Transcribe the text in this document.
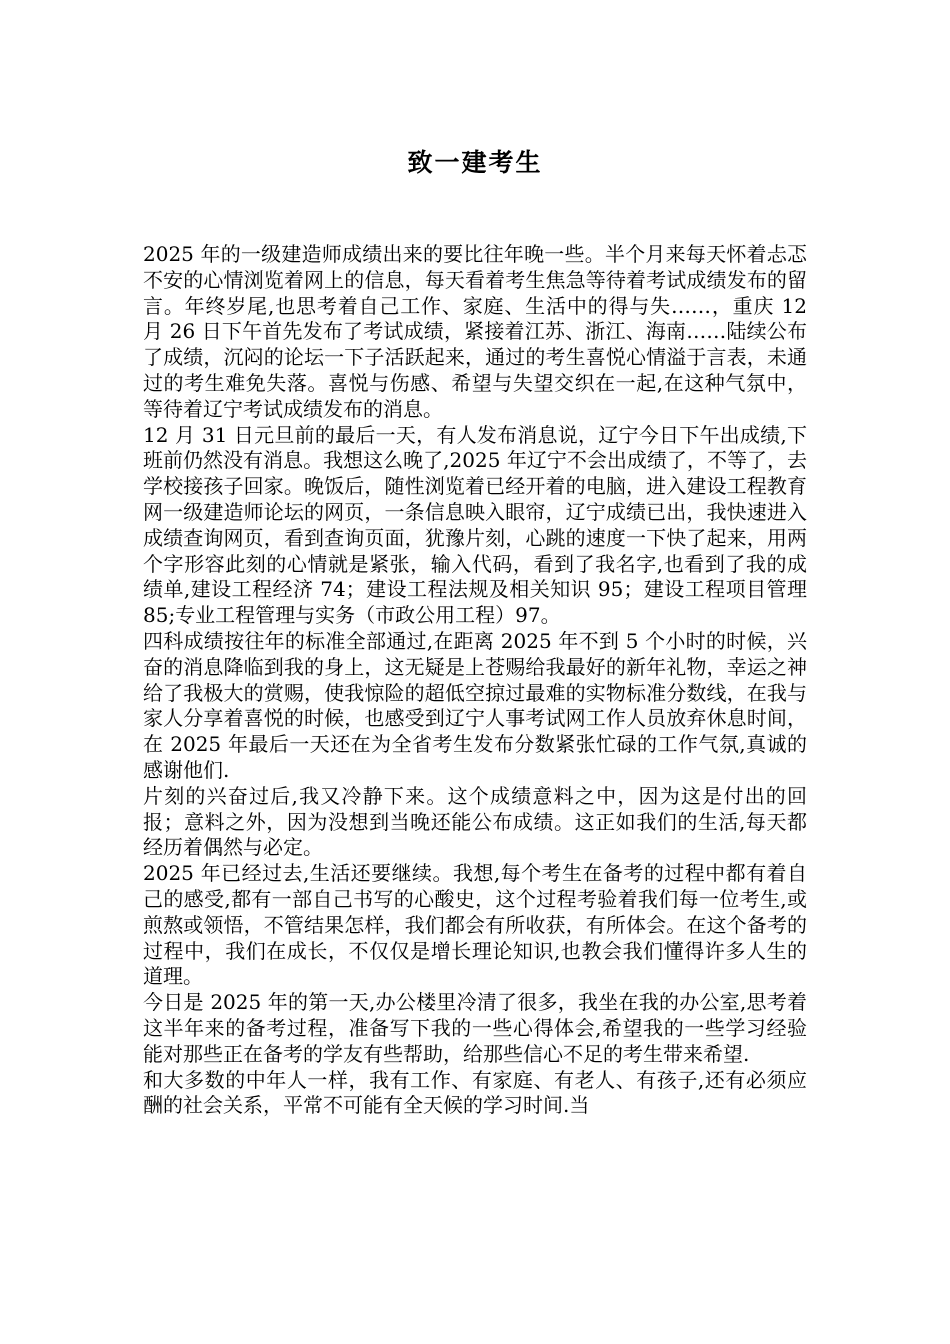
致一建考生

2025 年的一级建造师成绩出来的要比往年晚一些。半个月来每天怀着忐忑不安的心情浏览着网上的信息，每天看着考生焦急等待着考试成绩发布的留言。年终岁尾,也思考着自己工作、家庭、生活中的得与失……，重庆 12 月 26 日下午首先发布了考试成绩，紧接着江苏、浙江、海南……陆续公布了成绩，沉闷的论坛一下子活跃起来，通过的考生喜悦心情溢于言表，未通过的考生难免失落。喜悦与伤感、希望与失望交织在一起,在这种气氛中，等待着辽宁考试成绩发布的消息。

12 月 31 日元旦前的最后一天，有人发布消息说，辽宁今日下午出成绩,下班前仍然没有消息。我想这么晚了,2025 年辽宁不会出成绩了，不等了，去学校接孩子回家。晚饭后，随性浏览着已经开着的电脑，进入建设工程教育网一级建造师论坛的网页，一条信息映入眼帘，辽宁成绩已出，我快速进入成绩查询网页，看到查询页面，犹豫片刻，心跳的速度一下快了起来，用两个字形容此刻的心情就是紧张，输入代码，看到了我名字,也看到了我的成绩单,建设工程经济 74；建设工程法规及相关知识 95；建设工程项目管理 85;专业工程管理与实务（市政公用工程）97。

四科成绩按往年的标准全部通过,在距离 2025 年不到 5 个小时的时候，兴奋的消息降临到我的身上，这无疑是上苍赐给我最好的新年礼物，幸运之神给了我极大的赏赐，使我惊险的超低空掠过最难的实物标准分数线，在我与家人分享着喜悦的时候，也感受到辽宁人事考试网工作人员放弃休息时间，在 2025 年最后一天还在为全省考生发布分数紧张忙碌的工作气氛,真诚的感谢他们.

片刻的兴奋过后,我又冷静下来。这个成绩意料之中，因为这是付出的回报；意料之外，因为没想到当晚还能公布成绩。这正如我们的生活,每天都经历着偶然与必定。

2025 年已经过去,生活还要继续。我想,每个考生在备考的过程中都有着自己的感受,都有一部自己书写的心酸史，这个过程考验着我们每一位考生,或煎熬或领悟，不管结果怎样，我们都会有所收获，有所体会。在这个备考的过程中，我们在成长，不仅仅是增长理论知识,也教会我们懂得许多人生的道理。

今日是 2025 年的第一天,办公楼里冷清了很多，我坐在我的办公室,思考着这半年来的备考过程，准备写下我的一些心得体会,希望我的一些学习经验能对那些正在备考的学友有些帮助，给那些信心不足的考生带来希望.

和大多数的中年人一样，我有工作、有家庭、有老人、有孩子,还有必须应酬的社会关系，平常不可能有全天候的学习时间.当
